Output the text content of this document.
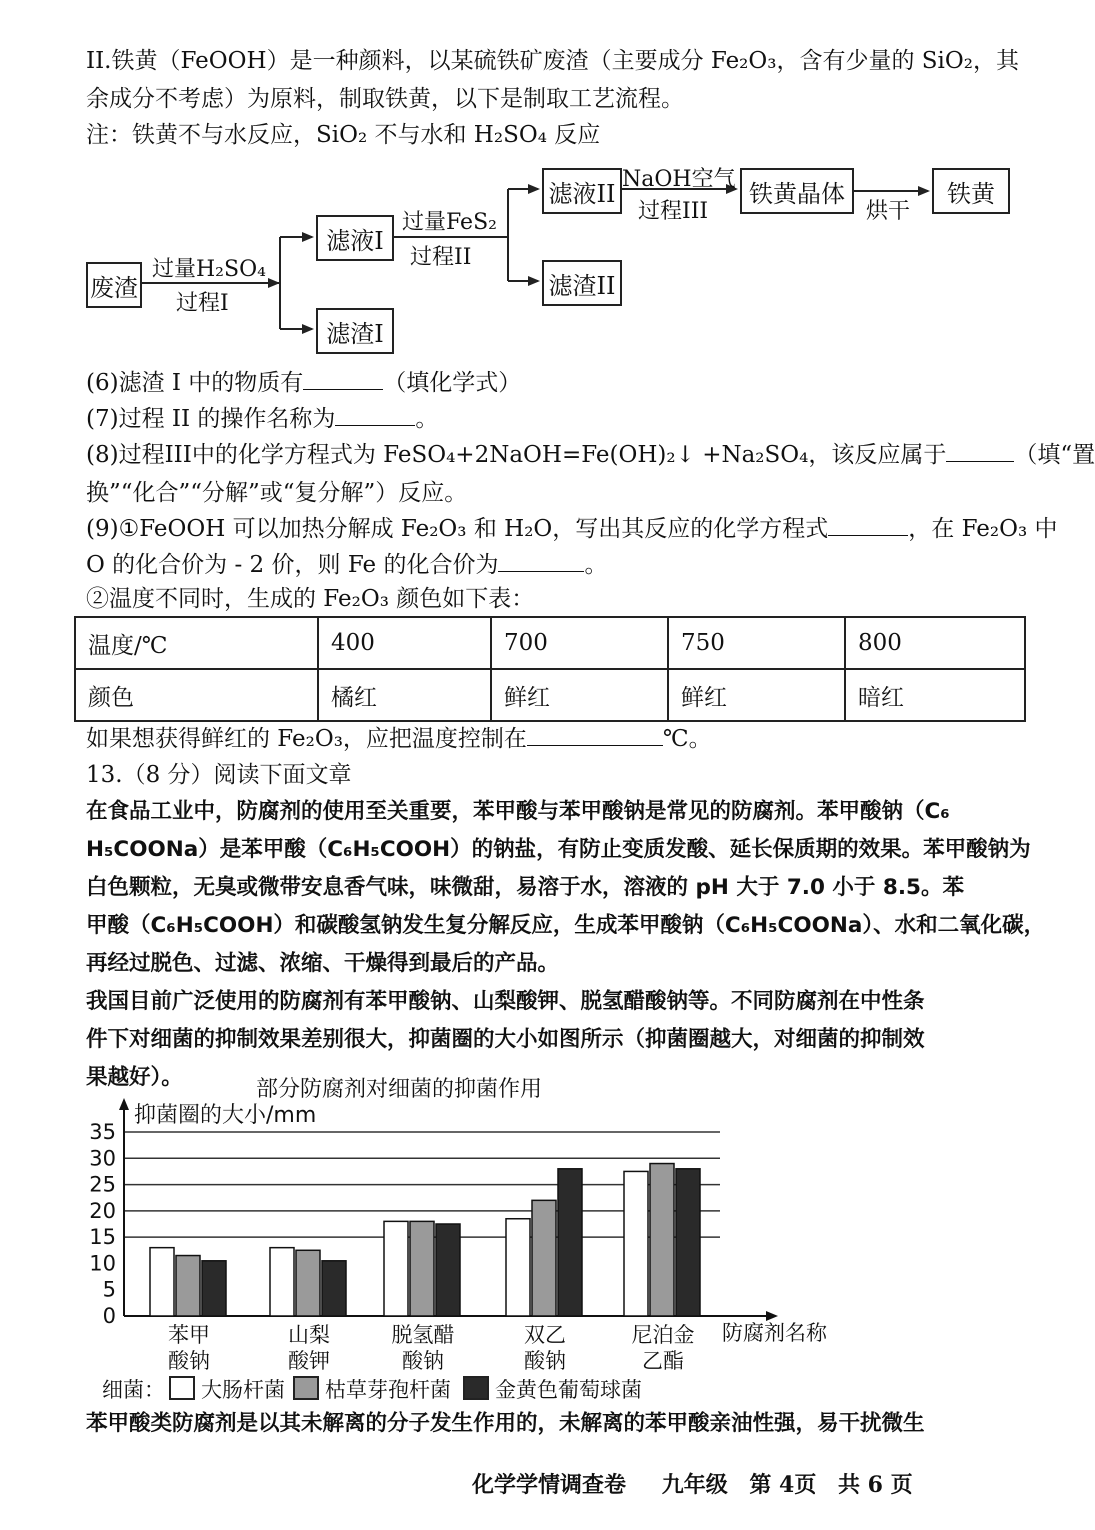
II.铁黄（FeOOH）是一种颜料，以某硫铁矿废渣（主要成分 Fe₂O₃，含有少量的 SiO₂，其
余成分不考虑）为原料，制取铁黄，以下是制取工艺流程。
注：铁黄不与水反应，SiO₂ 不与水和 H₂SO₄ 反应
废渣
过量H₂SO₄
过程I
滤液I
滤渣I
过量FeS₂
过程II
滤液II
滤渣II
NaOH空气
过程III
铁黄晶体
烘干
铁黄
(6)滤渣 I 中的物质有	（填化学式）
(7)过程 II 的操作名称为	。
(8)过程III中的化学方程式为 FeSO₄+2NaOH=Fe(OH)₂↓ +Na₂SO₄，该反应属于	（填“置
换”“化合”“分解”或“复分解”）反应。
(9)①FeOOH 可以加热分解成 Fe₂O₃ 和 H₂O，写出其反应的化学方程式	，在 Fe₂O₃ 中
O 的化合价为 - 2 价，则 Fe 的化合价为	。
②温度不同时，生成的 Fe₂O₃ 颜色如下表：
温度/℃	400	700	750	800
颜色	橘红	鲜红	鲜红	暗红
如果想获得鲜红的 Fe₂O₃，应把温度控制在	℃。
13.（8 分）阅读下面文章
在食品工业中，防腐剂的使用至关重要，苯甲酸与苯甲酸钠是常见的防腐剂。苯甲酸钠（C₆
H₅COONa）是苯甲酸（C₆H₅COOH）的钠盐，有防止变质发酸、延长保质期的效果。苯甲酸钠为
白色颗粒，无臭或微带安息香气味，味微甜，易溶于水，溶液的 pH 大于 7.0 小于 8.5。苯
甲酸（C₆H₅COOH）和碳酸氢钠发生复分解反应，生成苯甲酸钠（C₆H₅COONa）、水和二氧化碳，
再经过脱色、过滤、浓缩、干燥得到最后的产品。
我国目前广泛使用的防腐剂有苯甲酸钠、山梨酸钾、脱氢醋酸钠等。不同防腐剂在中性条
件下对细菌的抑制效果差别很大，抑菌圈的大小如图所示（抑菌圈越大，对细菌的抑制效
果越好）。	部分防腐剂对细菌的抑菌作用
抑菌圈的大小/mm
0
5
10
15
20
25
30
35
防腐剂名称
苯甲
酸钠
山梨
酸钾
脱氢醋
酸钠
双乙
酸钠
尼泊金
乙酯
细菌： 大肠杆菌 枯草芽孢杆菌 金黄色葡萄球菌
苯甲酸类防腐剂是以其未解离的分子发生作用的，未解离的苯甲酸亲油性强，易干扰微生
化学学情调查卷 九年级 第 4页 共 6 页
